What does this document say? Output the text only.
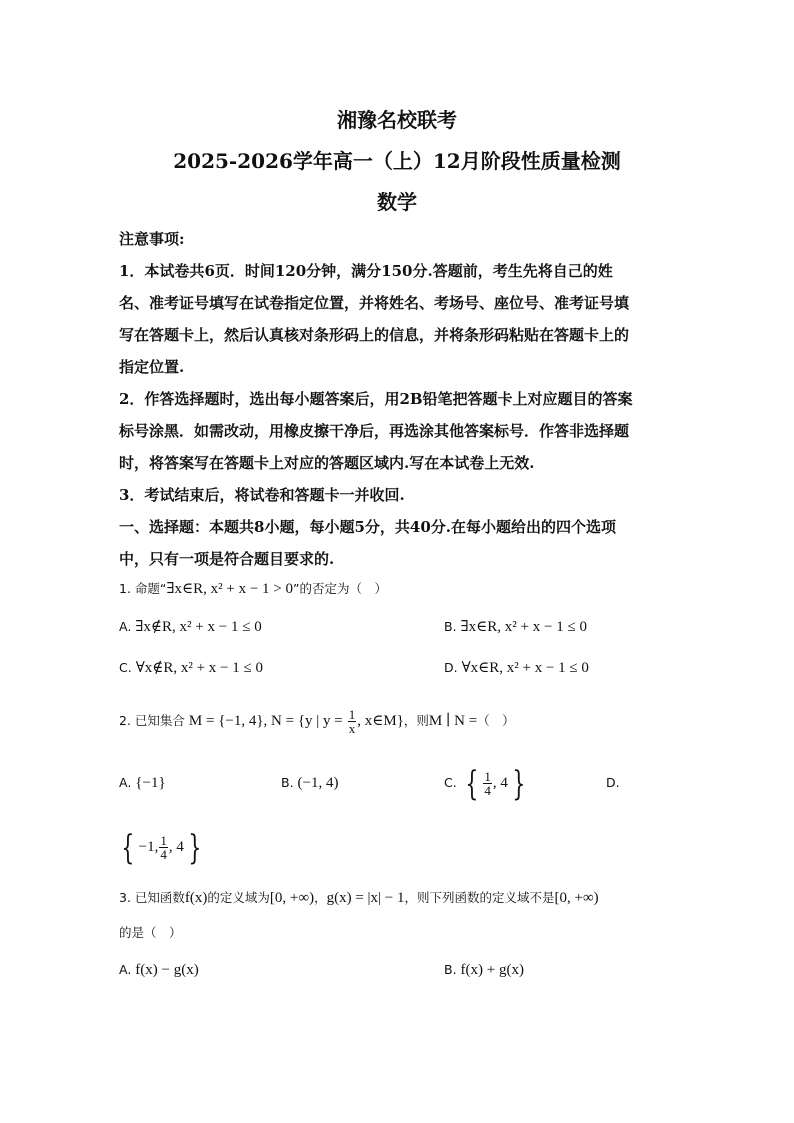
湘豫名校联考
2025-2026学年高一（上）12月阶段性质量检测
数学
注意事项:
1．本试卷共6页．时间120分钟，满分150分.答题前，考生先将自己的姓
名、准考证号填写在试卷指定位置，并将姓名、考场号、座位号、准考证号填
写在答题卡上，然后认真核对条形码上的信息，并将条形码粘贴在答题卡上的
指定位置.
2．作答选择题时，选出每小题答案后，用2B铅笔把答题卡上对应题目的答案
标号涂黑．如需改动，用橡皮擦干净后，再选涂其他答案标号．作答非选择题
时，将答案写在答题卡上对应的答题区域内.写在本试卷上无效.
3．考试结束后，将试卷和答题卡一并收回.
一、选择题：本题共8小题，每小题5分，共40分.在每小题给出的四个选项
中，只有一项是符合题目要求的.
1. 命题“∃x∈R, x² + x − 1 > 0”的否定为（　）
A. ∃x∉R, x² + x − 1 ≤ 0	B. ∃x∈R, x² + x − 1 ≤ 0
C. ∀x∉R, x² + x − 1 ≤ 0	D. ∀x∈R, x² + x − 1 ≤ 0
2. 已知集合 M = {−1, 4}, N = {y | $y = \frac{1}{x}$ , x∈M}，则M ∣ N =（　）
A. {−1}	B. (−1, 4)	C. { $\frac{1}{4}$ , 4 }	D.
{ −1, $\frac{1}{4}$ , 4 }
3. 已知函数f(x)的定义域为[0, +∞)，g(x) = |x| − 1，则下列函数的定义域不是[0, +∞)
的是（　）
A. f(x) − g(x)	B. f(x) + g(x)
